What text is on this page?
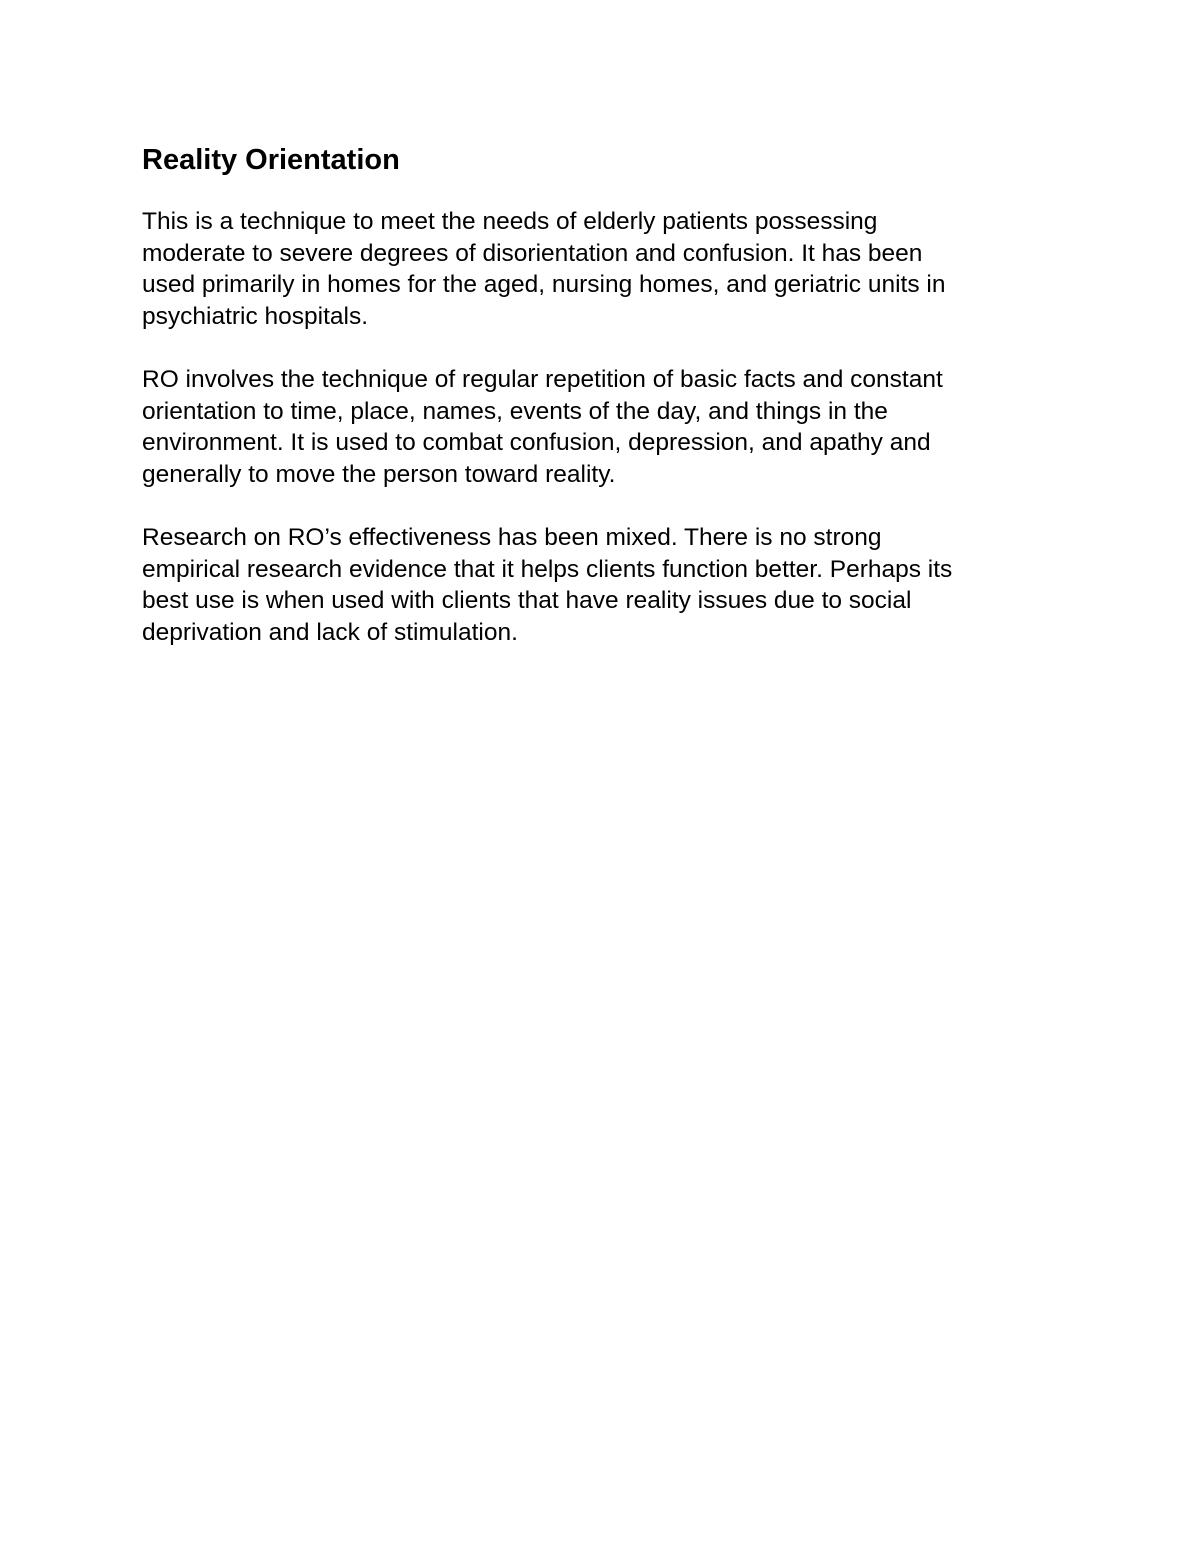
Reality Orientation

This is a technique to meet the needs of elderly patients possessing
moderate to severe degrees of disorientation and confusion. It has been
used primarily in homes for the aged, nursing homes, and geriatric units in
psychiatric hospitals.

RO involves the technique of regular repetition of basic facts and constant
orientation to time, place, names, events of the day, and things in the
environment. It is used to combat confusion, depression, and apathy and
generally to move the person toward reality.

Research on RO’s effectiveness has been mixed. There is no strong
empirical research evidence that it helps clients function better. Perhaps its
best use is when used with clients that have reality issues due to social
deprivation and lack of stimulation.
